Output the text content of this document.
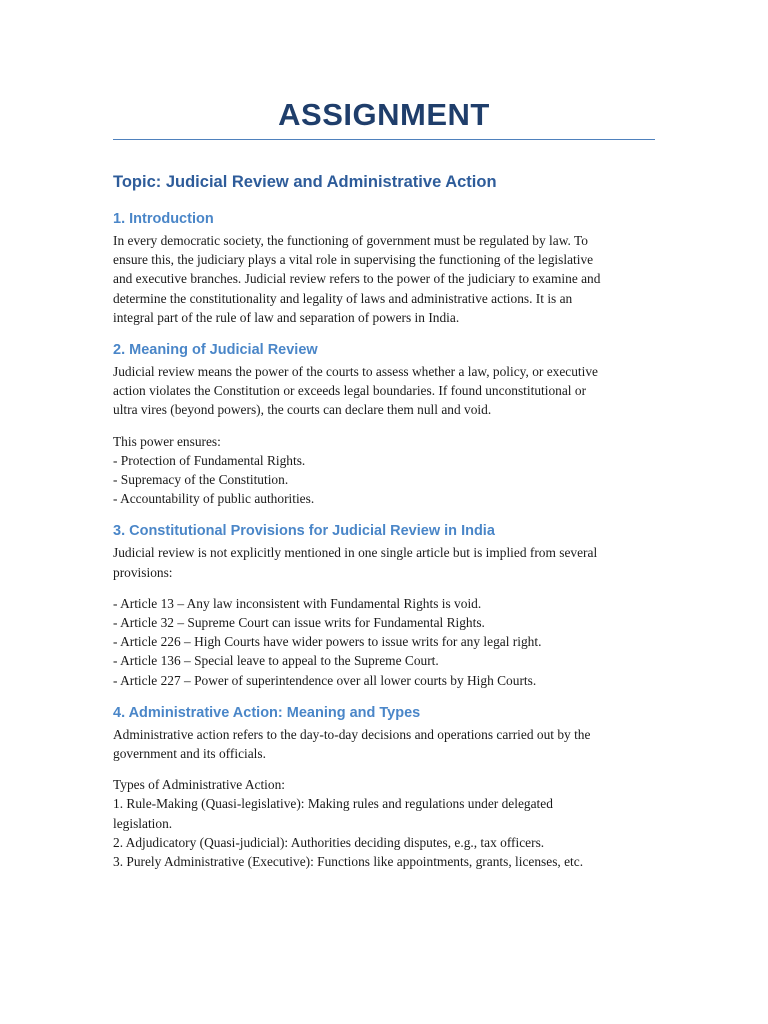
ASSIGNMENT
Topic: Judicial Review and Administrative Action
1. Introduction

In every democratic society, the functioning of government must be regulated by law. To
ensure this, the judiciary plays a vital role in supervising the functioning of the legislative
and executive branches. Judicial review refers to the power of the judiciary to examine and
determine the constitutionality and legality of laws and administrative actions. It is an
integral part of the rule of law and separation of powers in India.

2. Meaning of Judicial Review

Judicial review means the power of the courts to assess whether a law, policy, or executive
action violates the Constitution or exceeds legal boundaries. If found unconstitutional or
ultra vires (beyond powers), the courts can declare them null and void.

This power ensures:
- Protection of Fundamental Rights.
- Supremacy of the Constitution.
- Accountability of public authorities.

3. Constitutional Provisions for Judicial Review in India

Judicial review is not explicitly mentioned in one single article but is implied from several
provisions:

- Article 13 – Any law inconsistent with Fundamental Rights is void.
- Article 32 – Supreme Court can issue writs for Fundamental Rights.
- Article 226 – High Courts have wider powers to issue writs for any legal right.
- Article 136 – Special leave to appeal to the Supreme Court.
- Article 227 – Power of superintendence over all lower courts by High Courts.

4. Administrative Action: Meaning and Types

Administrative action refers to the day-to-day decisions and operations carried out by the
government and its officials.

Types of Administrative Action:
1. Rule-Making (Quasi-legislative): Making rules and regulations under delegated
legislation.
2. Adjudicatory (Quasi-judicial): Authorities deciding disputes, e.g., tax officers.
3. Purely Administrative (Executive): Functions like appointments, grants, licenses, etc.
